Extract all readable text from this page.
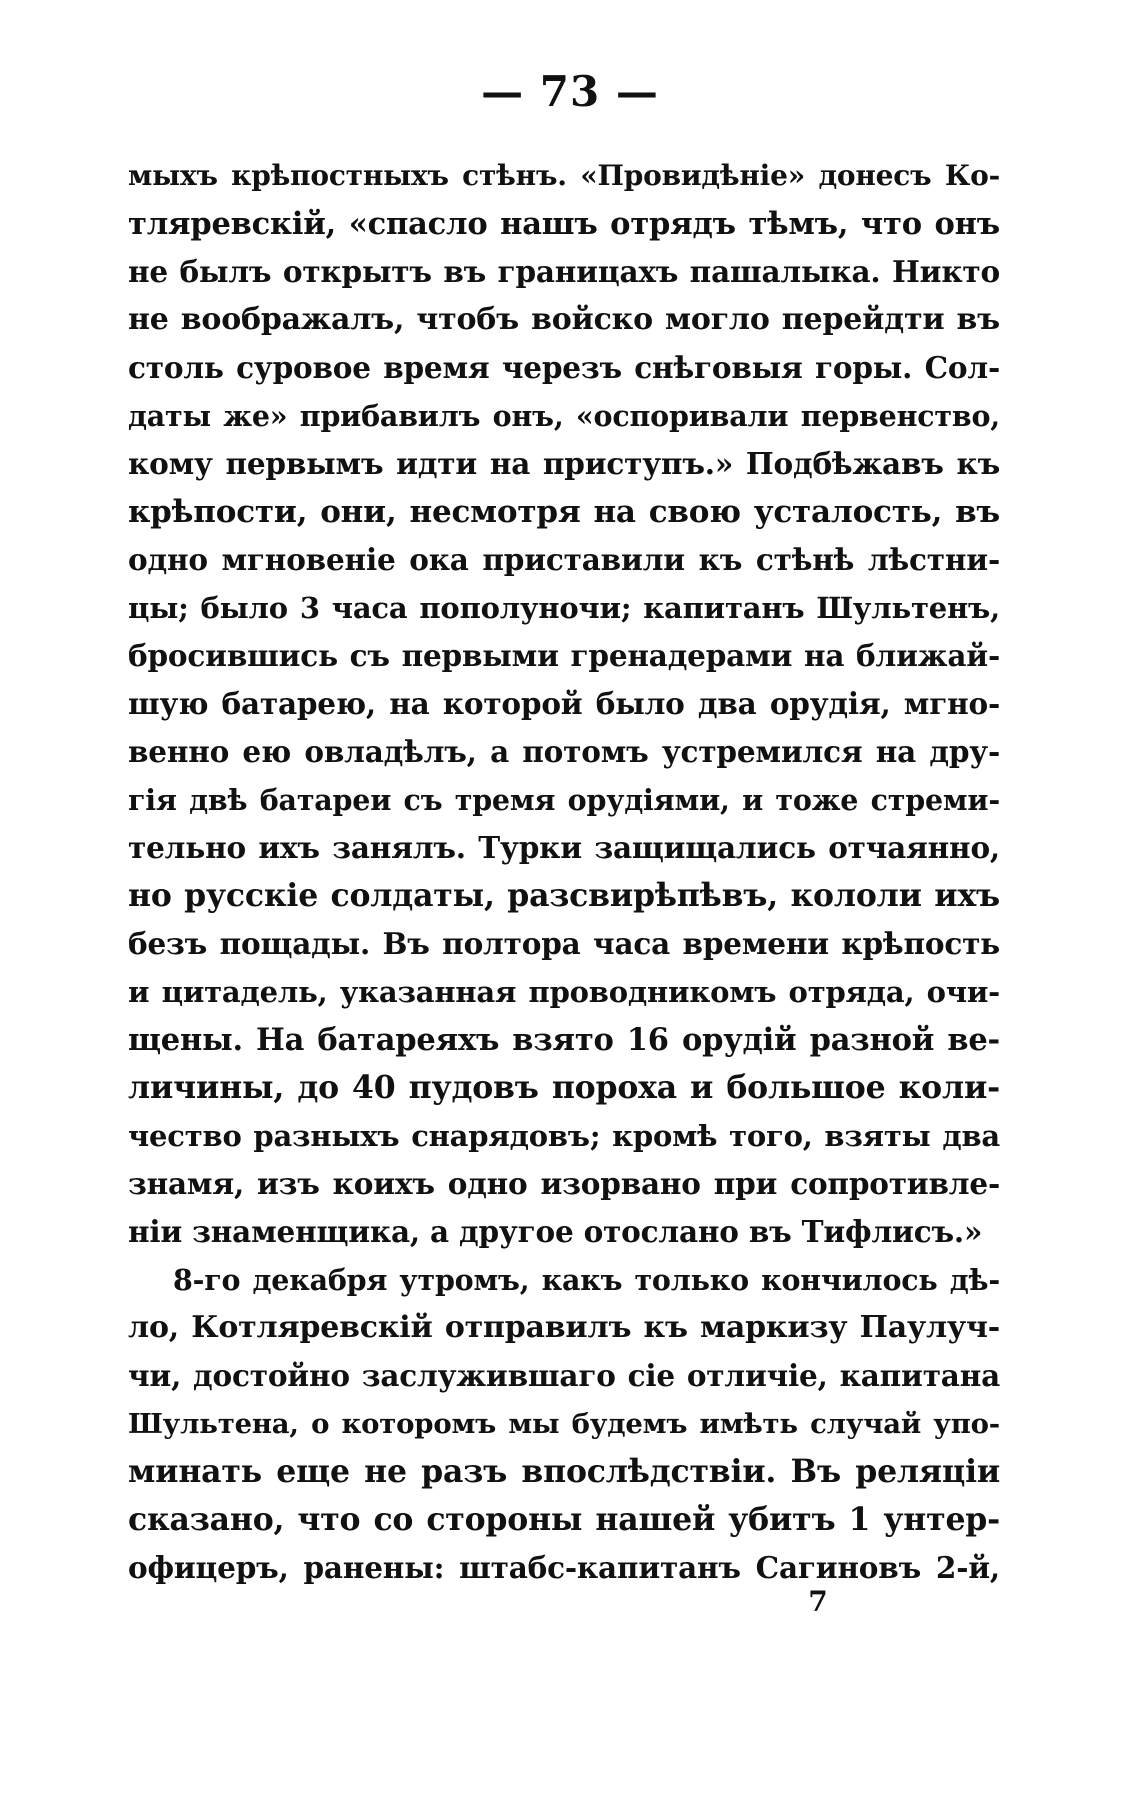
— 73 —
мыхъ крѣпостныхъ стѣнъ. «Провидѣніе» донесъ Ко-
тляревскій, «спасло нашъ отрядъ тѣмъ, что онъ
не былъ открытъ въ границахъ пашалыка. Никто
не воображалъ, чтобъ войско могло перейдти въ
столь суровое время черезъ снѣговыя горы. Сол-
даты же» прибавилъ онъ, «оспоривали первенство,
кому первымъ идти на приступъ.» Подбѣжавъ къ
крѣпости, они, несмотря на свою усталость, въ
одно мгновеніе ока приставили къ стѣнѣ лѣстни-
цы; было 3 часа пополуночи; капитанъ Шультенъ,
бросившись съ первыми гренадерами на ближай-
шую батарею, на которой было два орудія, мгно-
венно ею овладѣлъ, а потомъ устремился на дру-
гія двѣ батареи съ тремя орудіями, и тоже стреми-
тельно ихъ занялъ. Турки защищались отчаянно,
но русскіе солдаты, разсвирѣпѣвъ, кололи ихъ
безъ пощады. Въ полтора часа времени крѣпость
и цитадель, указанная проводникомъ отряда, очи-
щены. На батареяхъ взято 16 орудій разной ве-
личины, до 40 пудовъ пороха и большое коли-
чество разныхъ снарядовъ; кромѣ того, взяты два
знамя, изъ коихъ одно изорвано при сопротивле-
ніи знаменщика, а другое отослано въ Тифлисъ.»
8-го декабря утромъ, какъ только кончилось дѣ-
ло, Котляревскій отправилъ къ маркизу Паулуч-
чи, достойно заслужившаго сіе отличіе, капитана
Шультена, о которомъ мы будемъ имѣть случай упо-
минать еще не разъ впослѣдствіи. Въ реляціи
сказано, что со стороны нашей убитъ 1 унтер-
офицеръ, ранены: штабс-капитанъ Сагиновъ 2-й,
7
